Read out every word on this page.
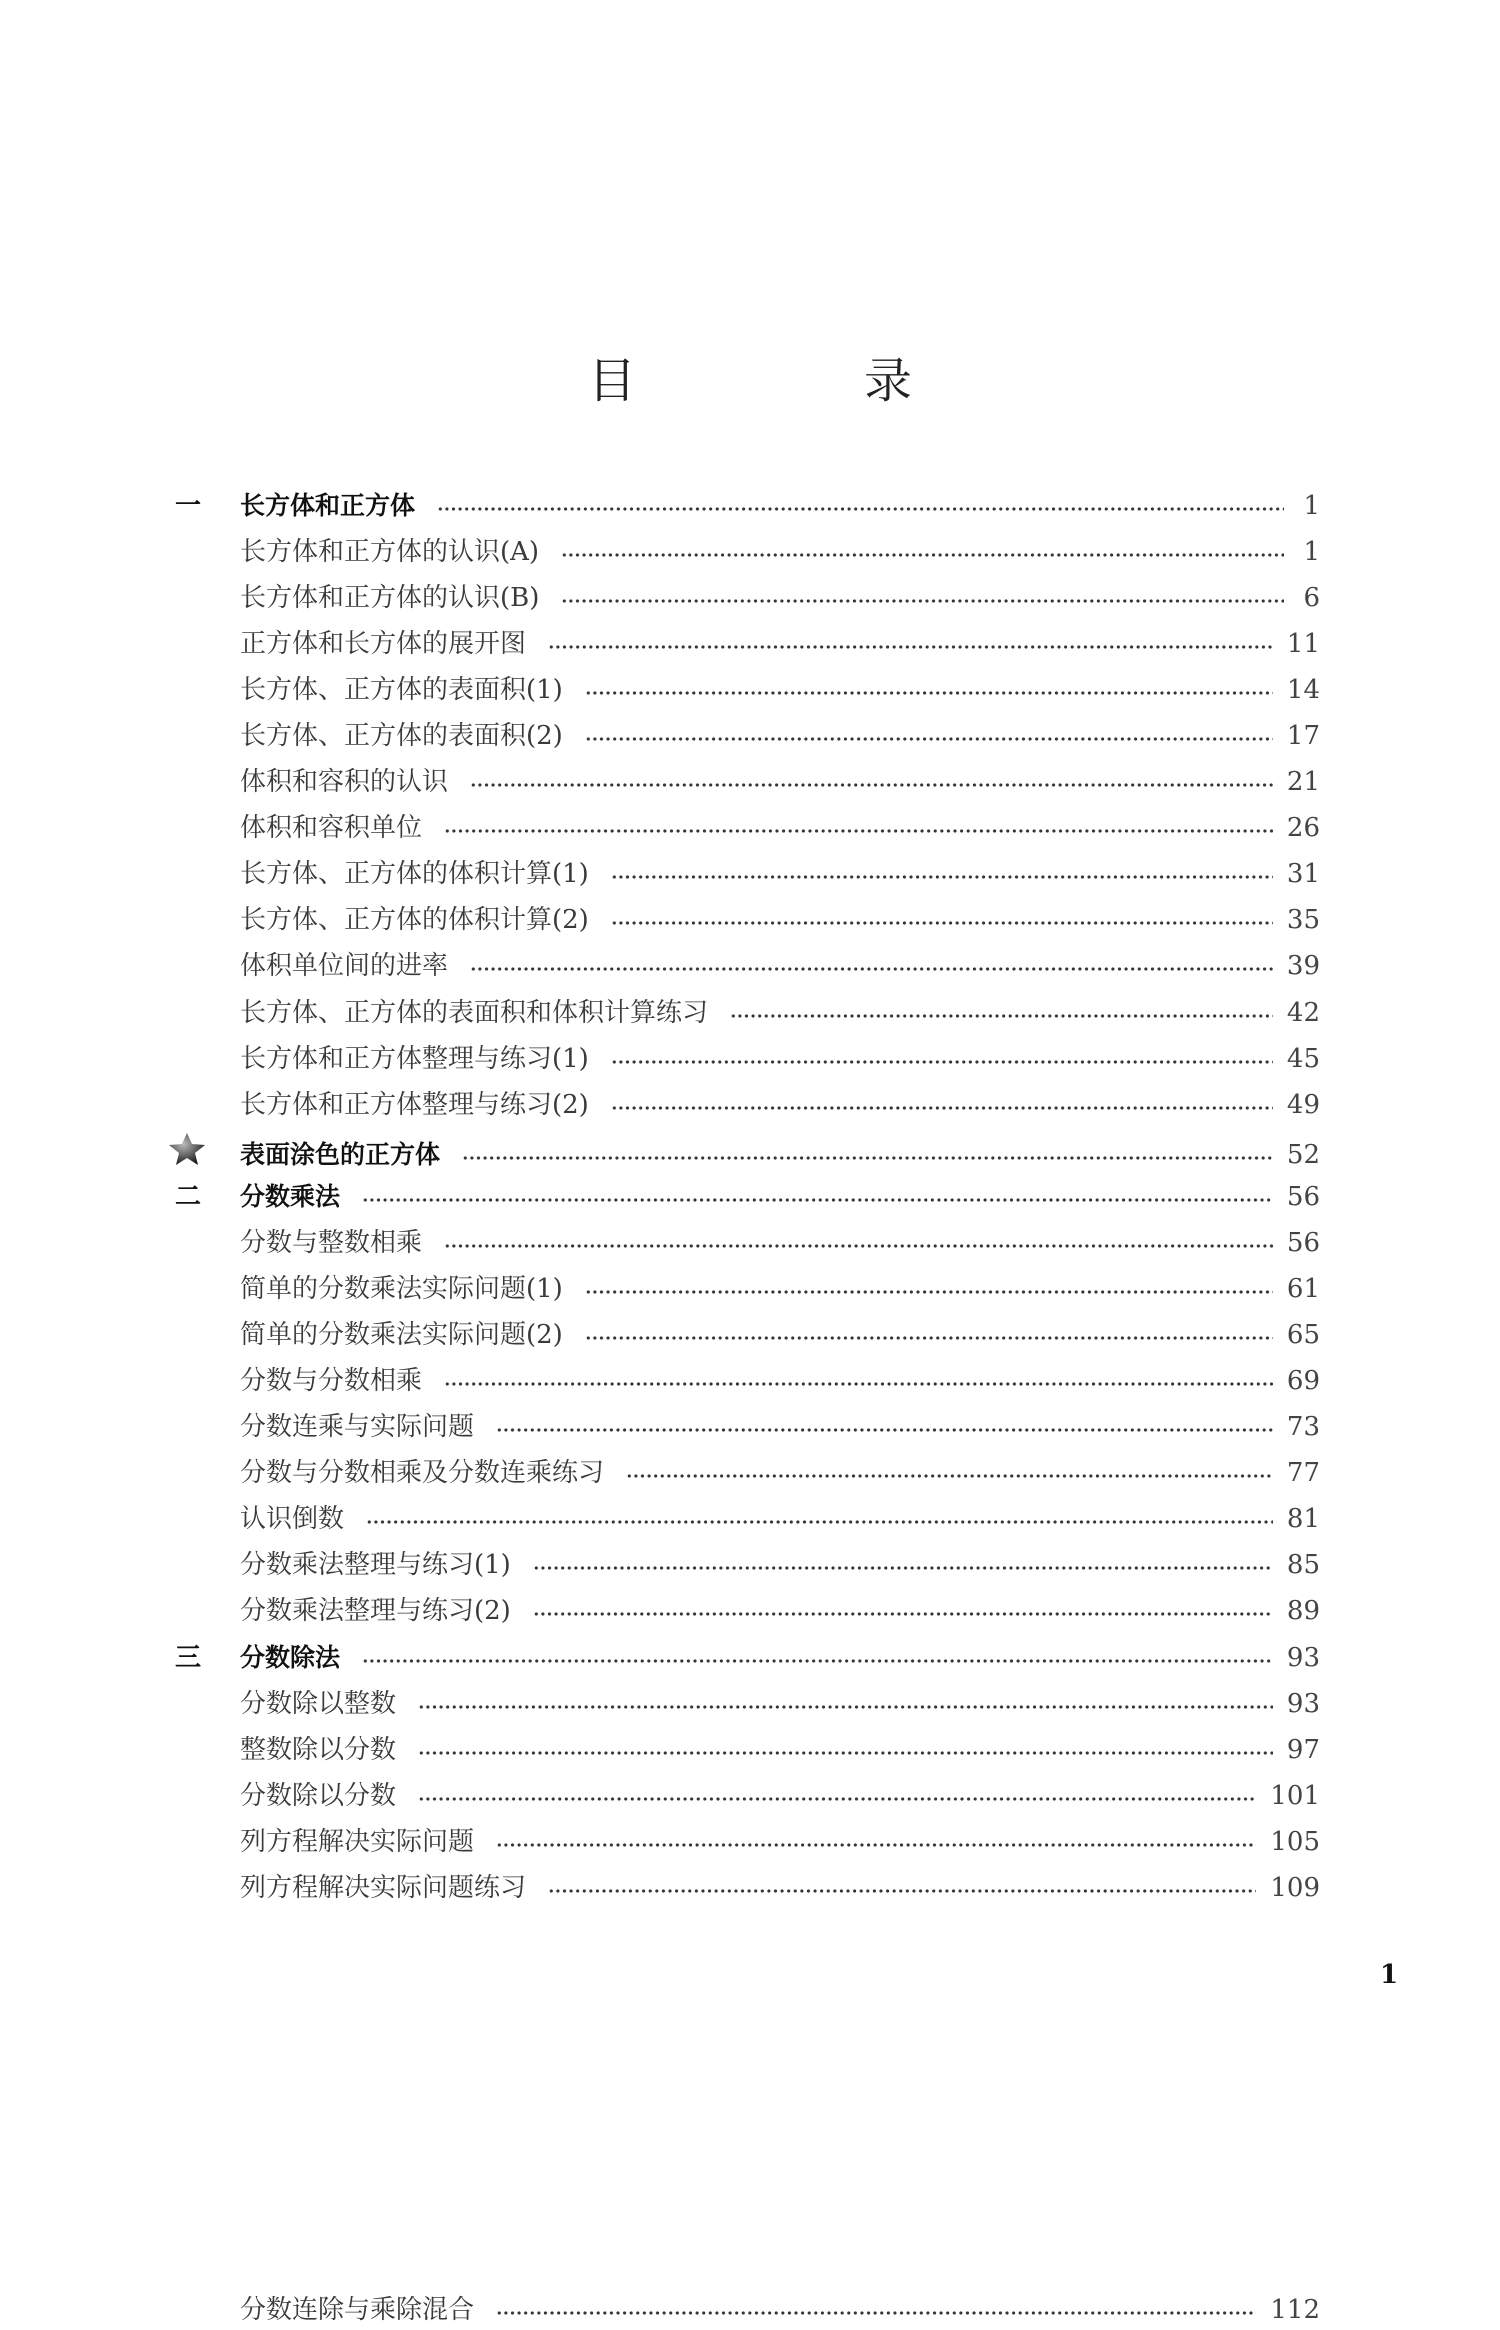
目　录
一	长方体和正方体	1
长方体和正方体的认识(A)	1
长方体和正方体的认识(B)	6
正方体和长方体的展开图	11
长方体、正方体的表面积(1)	14
长方体、正方体的表面积(2)	17
体积和容积的认识	21
体积和容积单位	26
长方体、正方体的体积计算(1)	31
长方体、正方体的体积计算(2)	35
体积单位间的进率	39
长方体、正方体的表面积和体积计算练习	42
长方体和正方体整理与练习(1)	45
长方体和正方体整理与练习(2)	49
表面涂色的正方体	52
二	分数乘法	56
分数与整数相乘	56
简单的分数乘法实际问题(1)	61
简单的分数乘法实际问题(2)	65
分数与分数相乘	69
分数连乘与实际问题	73
分数与分数相乘及分数连乘练习	77
认识倒数	81
分数乘法整理与练习(1)	85
分数乘法整理与练习(2)	89
三	分数除法	93
分数除以整数	93
整数除以分数	97
分数除以分数	101
列方程解决实际问题	105
列方程解决实际问题练习	109
分数连除与乘除混合	112
1
